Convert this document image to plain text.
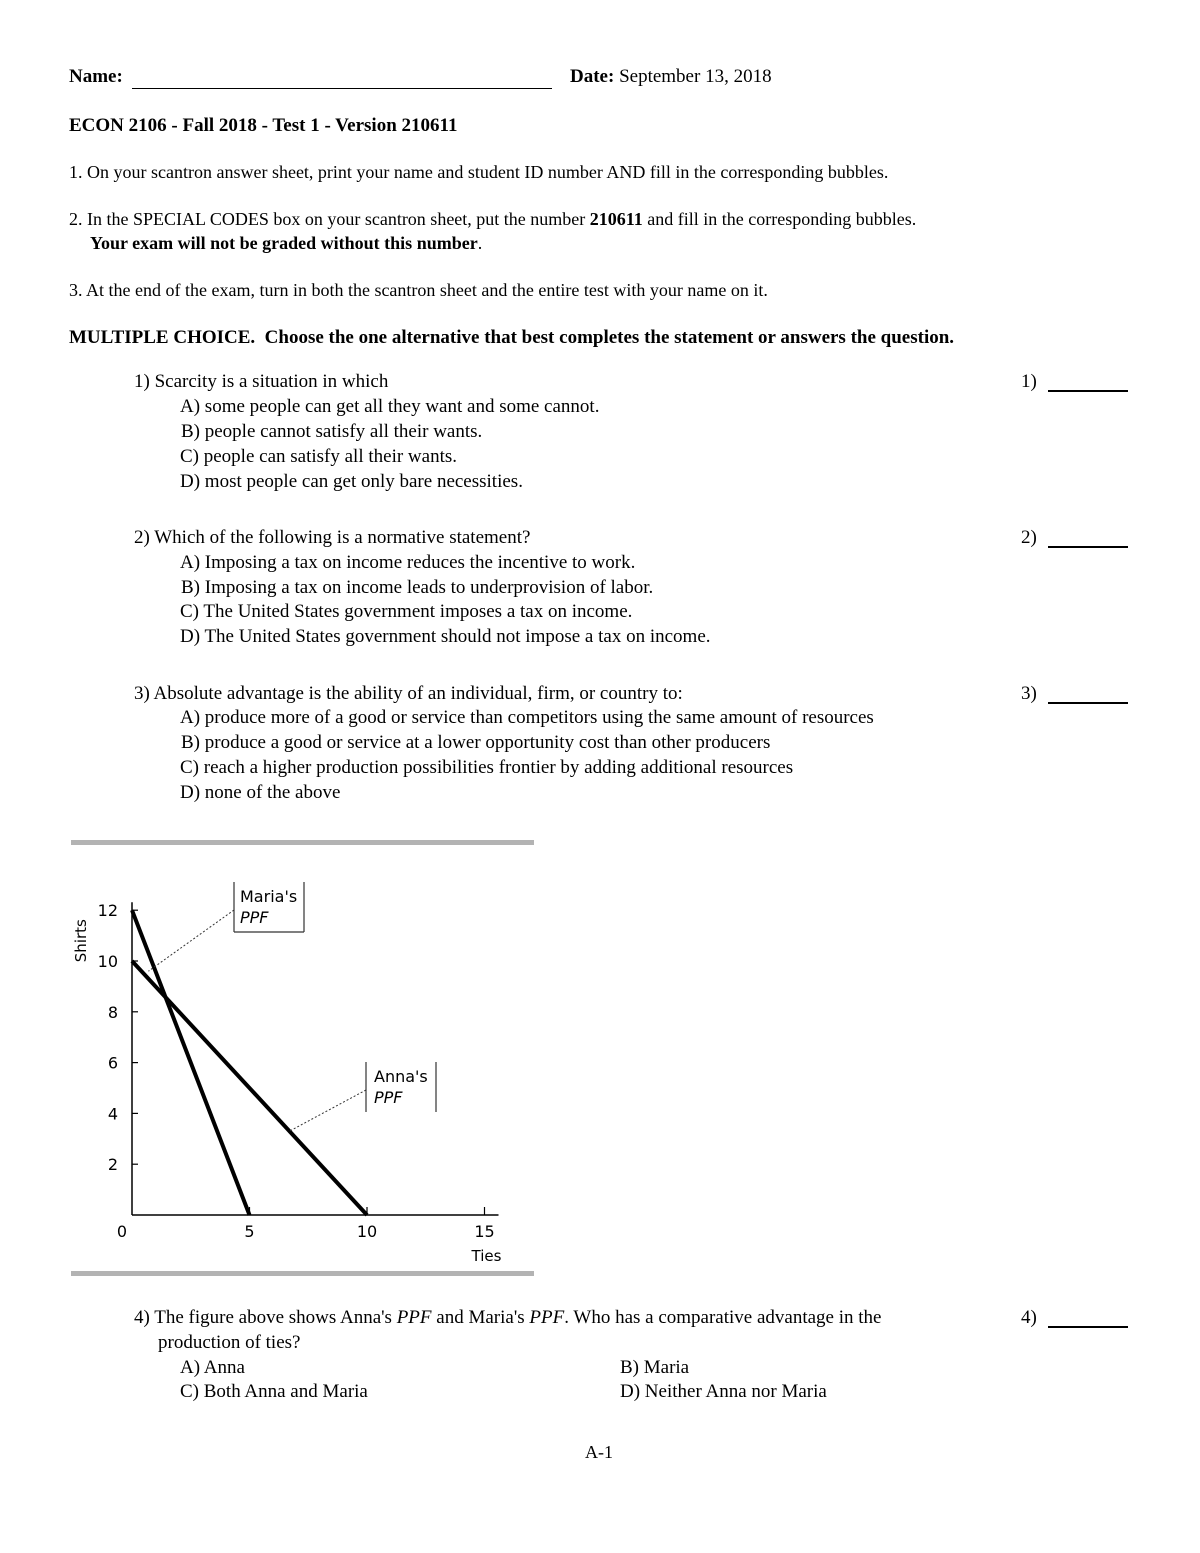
Name:	Date: September 13, 2018
ECON 2106 - Fall 2018 - Test 1 - Version 210611
1. On your scantron answer sheet, print your name and student ID number AND fill in the corresponding bubbles.
2. In the SPECIAL CODES box on your scantron sheet, put the number 210611 and fill in the corresponding bubbles.
Your exam will not be graded without this number.
3. At the end of the exam, turn in both the scantron sheet and the entire test with your name on it.
MULTIPLE CHOICE. Choose the one alternative that best completes the statement or answers the question.
1) Scarcity is a situation in which
A) some people can get all they want and some cannot.
B) people cannot satisfy all their wants.
C) people can satisfy all their wants.
D) most people can get only bare necessities.
1)
2) Which of the following is a normative statement?
A) Imposing a tax on income reduces the incentive to work.
B) Imposing a tax on income leads to underprovision of labor.
C) The United States government imposes a tax on income.
D) The United States government should not impose a tax on income.
2)
3) Absolute advantage is the ability of an individual, firm, or country to:
A) produce more of a good or service than competitors using the same amount of resources
B) produce a good or service at a lower opportunity cost than other producers
C) reach a higher production possibilities frontier by adding additional resources
D) none of the above
3)
0	5	10	15
2
4
6
8
10
12
Ties
Shirts
Maria's
PPF
Anna's
PPF
4) The figure above shows Anna's PPF and Maria's PPF. Who has a comparative advantage in the
production of ties?
A) Anna	B) Maria
C) Both Anna and Maria	D) Neither Anna nor Maria
4)
A-1
